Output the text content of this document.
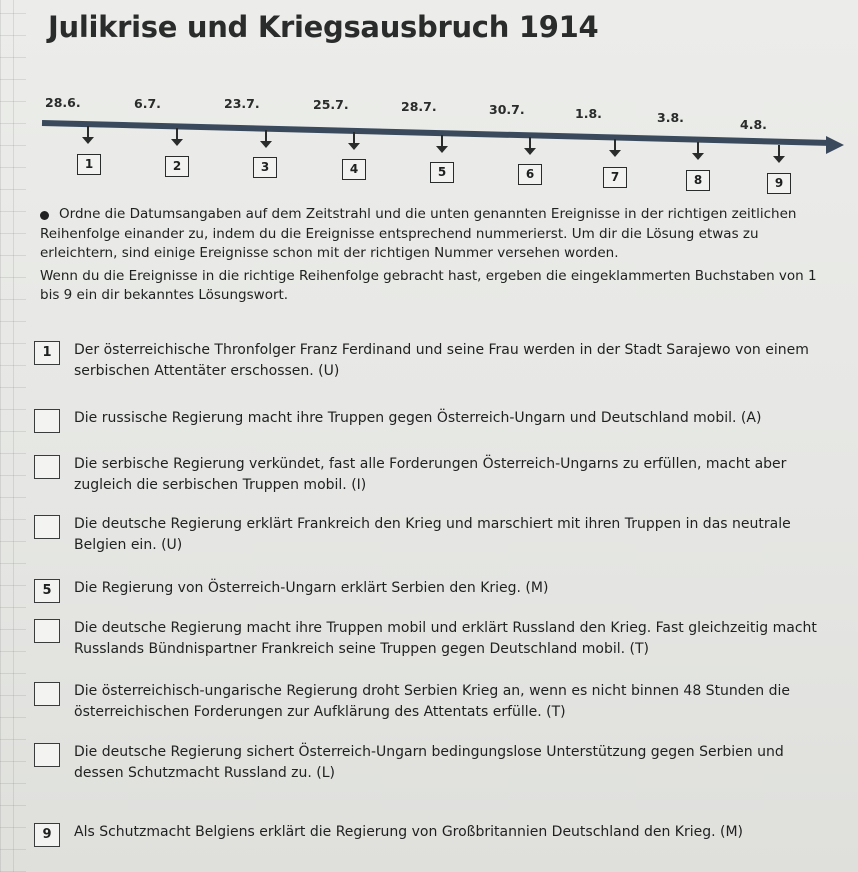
Julikrise und Kriegsausbruch 1914
28.6.	6.7.	23.7.	25.7.	28.7.	30.7.	1.8.	3.8.	4.8.
1	2	3	4	5	6	7	8	9

Ordne die Datumsangaben auf dem Zeitstrahl und die unten genannten Ereignisse in der richtigen zeitlichen Reihenfolge einander zu, indem du die Ereignisse entsprechend nummerierst. Um dir die Lösung etwas zu erleichtern, sind einige Ereignisse schon mit der richtigen Nummer versehen worden.

Wenn du die Ereignisse in die richtige Reihenfolge gebracht hast, ergeben die eingeklammerten Buchstaben von 1 bis 9 ein dir bekanntes Lösungswort.

1	Der österreichische Thronfolger Franz Ferdinand und seine Frau werden in der Stadt Sarajewo von einem serbischen Attentäter erschossen. (U)
Die russische Regierung macht ihre Truppen gegen Österreich-Ungarn und Deutschland mobil. (A)
Die serbische Regierung verkündet, fast alle Forderungen Österreich-Ungarns zu erfüllen, macht aber zugleich die serbischen Truppen mobil. (I)
Die deutsche Regierung erklärt Frankreich den Krieg und marschiert mit ihren Truppen in das neutrale Belgien ein. (U)
5	Die Regierung von Österreich-Ungarn erklärt Serbien den Krieg. (M)
Die deutsche Regierung macht ihre Truppen mobil und erklärt Russland den Krieg. Fast gleichzeitig macht Russlands Bündnispartner Frankreich seine Truppen gegen Deutschland mobil. (T)
Die österreichisch-ungarische Regierung droht Serbien Krieg an, wenn es nicht binnen 48 Stunden die österreichischen Forderungen zur Aufklärung des Attentats erfülle. (T)
Die deutsche Regierung sichert Österreich-Ungarn bedingungslose Unterstützung gegen Serbien und dessen Schutzmacht Russland zu. (L)
9	Als Schutzmacht Belgiens erklärt die Regierung von Großbritannien Deutschland den Krieg. (M)
